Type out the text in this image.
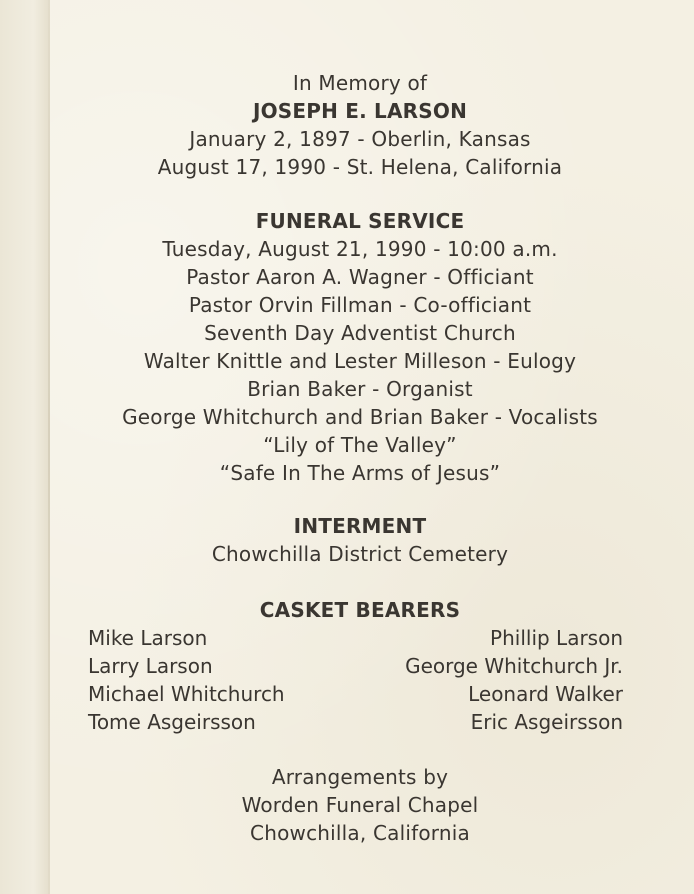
In Memory of
JOSEPH E. LARSON
January 2, 1897 - Oberlin, Kansas
August 17, 1990 - St. Helena, California
FUNERAL SERVICE
Tuesday, August 21, 1990 - 10:00 a.m.
Pastor Aaron A. Wagner - Officiant
Pastor Orvin Fillman - Co-officiant
Seventh Day Adventist Church
Walter Knittle and Lester Milleson - Eulogy
Brian Baker - Organist
George Whitchurch and Brian Baker - Vocalists
“Lily of The Valley”
“Safe In The Arms of Jesus”
INTERMENT
Chowchilla District Cemetery
CASKET BEARERS
Mike Larson
Larry Larson
Michael Whitchurch
Tome Asgeirsson
Phillip Larson
George Whitchurch Jr.
Leonard Walker
Eric Asgeirsson
Arrangements by
Worden Funeral Chapel
Chowchilla, California
